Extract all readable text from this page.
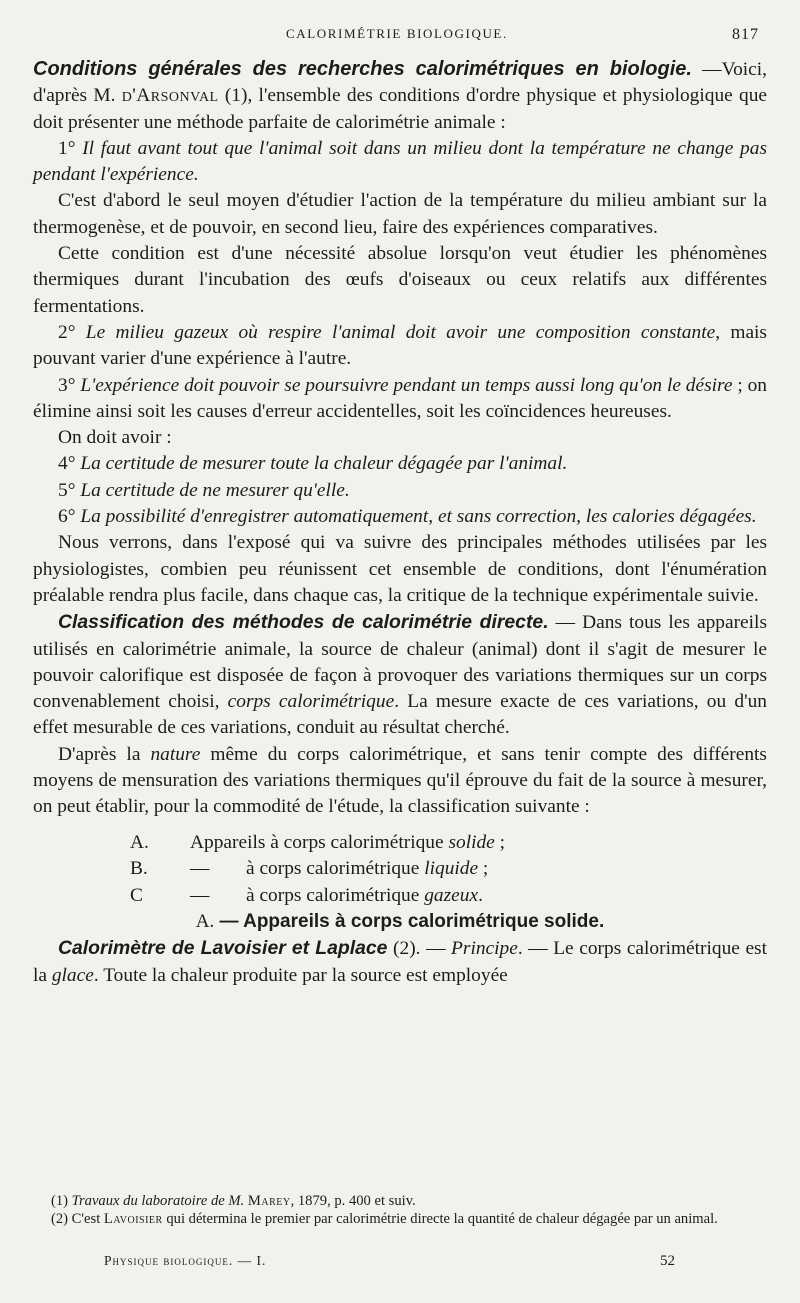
CALORIMÉTRIE BIOLOGIQUE.	817

Conditions générales des recherches calorimétriques en biologie. —Voici, d'après M. d'Arsonval (1), l'ensemble des conditions d'ordre physique et physiologique que doit présenter une méthode parfaite de calorimétrie animale :

1° Il faut avant tout que l'animal soit dans un milieu dont la température ne change pas pendant l'expérience.

C'est d'abord le seul moyen d'étudier l'action de la température du milieu ambiant sur la thermogenèse, et de pouvoir, en second lieu, faire des expériences comparatives.

Cette condition est d'une nécessité absolue lorsqu'on veut étudier les phénomènes thermiques durant l'incubation des œufs d'oiseaux ou ceux relatifs aux différentes fermentations.

2° Le milieu gazeux où respire l'animal doit avoir une composition constante, mais pouvant varier d'une expérience à l'autre.

3° L'expérience doit pouvoir se poursuivre pendant un temps aussi long qu'on le désire ; on élimine ainsi soit les causes d'erreur accidentelles, soit les coïncidences heureuses.

On doit avoir :

4° La certitude de mesurer toute la chaleur dégagée par l'animal.

5° La certitude de ne mesurer qu'elle.

6° La possibilité d'enregistrer automatiquement, et sans correction, les calories dégagées.

Nous verrons, dans l'exposé qui va suivre des principales méthodes utilisées par les physiologistes, combien peu réunissent cet ensemble de conditions, dont l'énumération préalable rendra plus facile, dans chaque cas, la critique de la technique expérimentale suivie.

Classification des méthodes de calorimétrie directe. — Dans tous les appareils utilisés en calorimétrie animale, la source de chaleur (animal) dont il s'agit de mesurer le pouvoir calorifique est disposée de façon à provoquer des variations thermiques sur un corps convenablement choisi, corps calorimétrique. La mesure exacte de ces variations, ou d'un effet mesurable de ces variations, conduit au résultat cherché.

D'après la nature même du corps calorimétrique, et sans tenir compte des différents moyens de mensuration des variations thermiques qu'il éprouve du fait de la source à mesurer, on peut établir, pour la commodité de l'étude, la classification suivante :

A.	Appareils à corps calorimétrique solide ;
B.	—	à corps calorimétrique liquide ;
C	—	à corps calorimétrique gazeux.

A. — Appareils à corps calorimétrique solide.

Calorimètre de Lavoisier et Laplace (2). — Principe. — Le corps calorimétrique est la glace. Toute la chaleur produite par la source est employée

(1) Travaux du laboratoire de M. Marey, 1879, p. 400 et suiv.

(2) C'est Lavoisier qui détermina le premier par calorimétrie directe la quantité de chaleur dégagée par un animal.

Physique biologique. — I.	52
